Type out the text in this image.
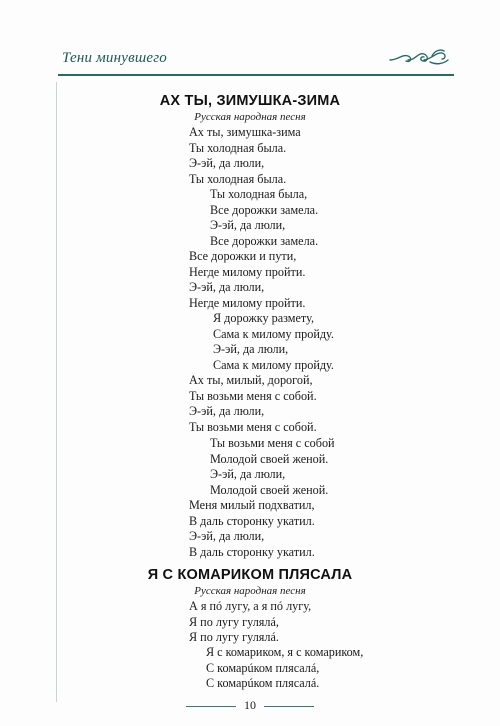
Тени минувшего
АХ ТЫ, ЗИМУШКА-ЗИМА
Русская народная песня
Ах ты, зимушка-зима
Ты холодная была.
Э-эй, да люли,
Ты холодная была.
Ты холодная была,
Все дорожки замела.
Э-эй, да люли,
Все дорожки замела.
Все дорожки и пути,
Негде милому пройти.
Э-эй, да люли,
Негде милому пройти.
Я дорожку размету,
Сама к милому пройду.
Э-эй, да люли,
Сама к милому пройду.
Ах ты, милый, дорогой,
Ты возьми меня с собой.
Э-эй, да люли,
Ты возьми меня с собой.
Ты возьми меня с собой
Молодой своей женой.
Э-эй, да люли,
Молодой своей женой.
Меня милый подхватил,
В даль сторонку укатил.
Э-эй, да люли,
В даль сторонку укатил.
Я С КОМАРИКОМ ПЛЯСАЛА
Русская народная песня
А я пó лугу, а я пó лугу,
Я по лугу гулялá,
Я по лугу гулялá.
Я с комариком, я с комариком,
С комарúком плясалá,
С комарúком плясалá.
10
